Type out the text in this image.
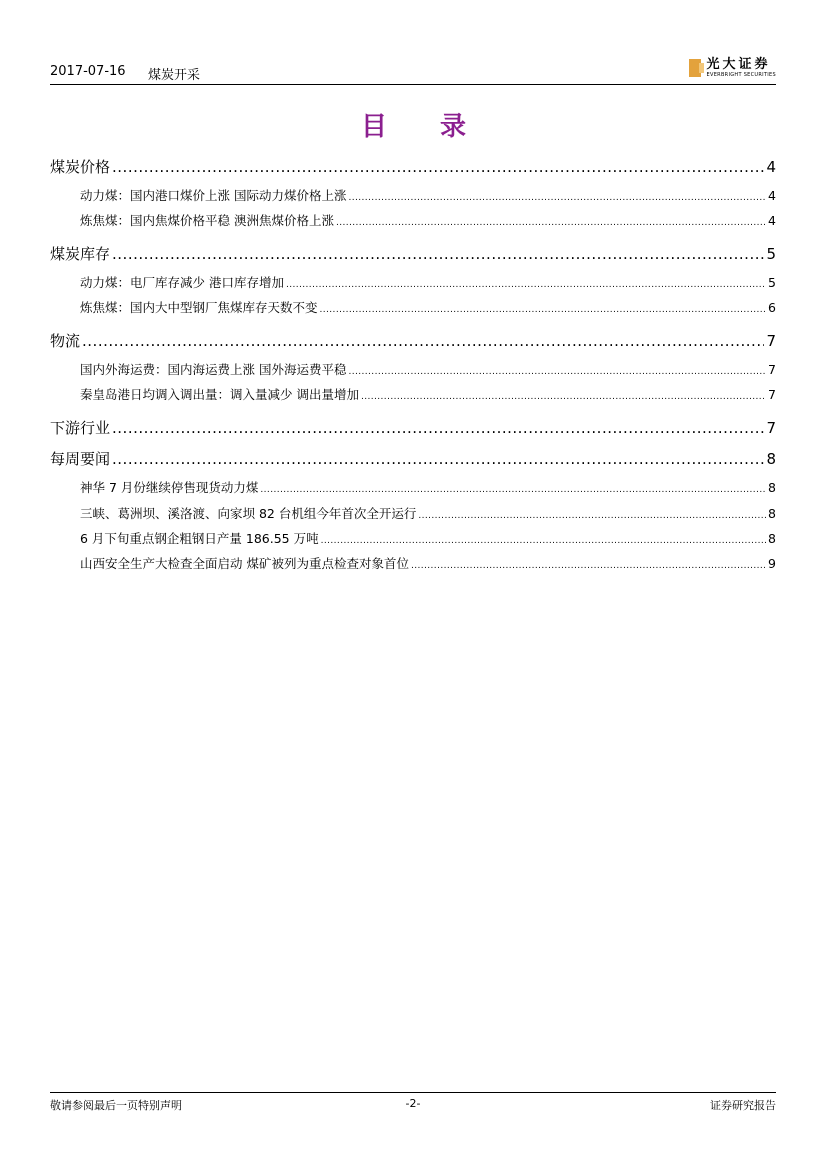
2017-07-16 煤炭开采
光大证券
EVERBRIGHT SECURITIES
目 录
煤炭价格 .....	4
动力煤：国内港口煤价上涨 国际动力煤价格上涨 .....	4
炼焦煤：国内焦煤价格平稳 澳洲焦煤价格上涨 .....	4
煤炭库存 .....	5
动力煤：电厂库存减少 港口库存增加 .....	5
炼焦煤：国内大中型钢厂焦煤库存天数不变 .....	6
物流 .....	7
国内外海运费：国内海运费上涨 国外海运费平稳 .....	7
秦皇岛港日均调入调出量：调入量减少 调出量增加 .....	7
下游行业 .....	7
每周要闻 .....	8
神华 7 月份继续停售现货动力煤 .....	8
三峡、葛洲坝、溪洛渡、向家坝 82 台机组今年首次全开运行 .....	8
6 月下旬重点钢企粗钢日产量 186.55 万吨 .....	8
山西安全生产大检查全面启动 煤矿被列为重点检查对象首位 .....	9
敬请参阅最后一页特别声明	-2-	证券研究报告
